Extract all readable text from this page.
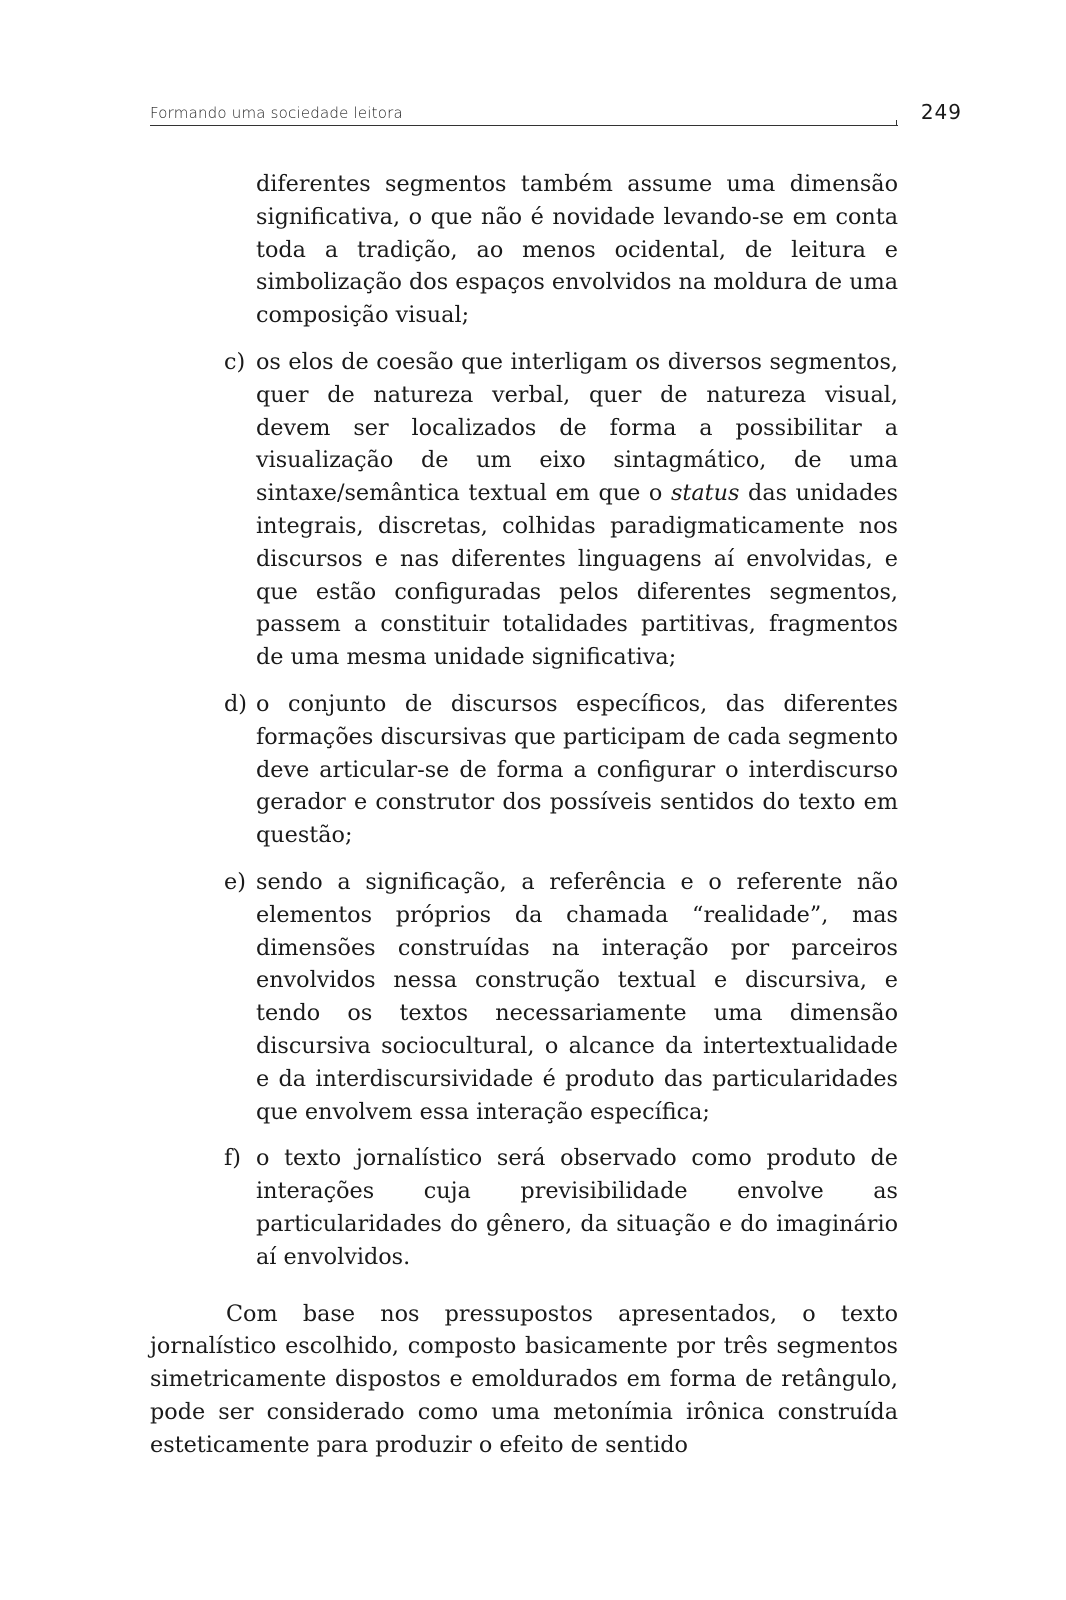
Formando uma sociedade leitora	249

diferentes segmentos também assume uma dimensão significativa, o que não é novidade levando-se em conta toda a tradição, ao menos ocidental, de leitura e simbolização dos espaços envolvidos na moldura de uma composição visual;

c) os elos de coesão que interligam os diversos segmentos, quer de natureza verbal, quer de natureza visual, devem ser localizados de forma a possibilitar a visualização de um eixo sintagmático, de uma sintaxe/semântica textual em que o status das unidades integrais, discretas, colhidas paradigmaticamente nos discursos e nas diferentes linguagens aí envolvidas, e que estão configuradas pelos diferentes segmentos, passem a constituir totalidades partitivas, fragmentos de uma mesma unidade significativa;

d) o conjunto de discursos específicos, das diferentes formações discursivas que participam de cada segmento deve articular-se de forma a configurar o interdiscurso gerador e construtor dos possíveis sentidos do texto em questão;

e) sendo a significação, a referência e o referente não elementos próprios da chamada “realidade”, mas dimensões construídas na interação por parceiros envolvidos nessa construção textual e discursiva, e tendo os textos necessariamente uma dimensão discursiva sociocultural, o alcance da intertextualidade e da interdiscursividade é produto das particularidades que envolvem essa interação específica;

f) o texto jornalístico será observado como produto de interações cuja previsibilidade envolve as particularidades do gênero, da situação e do imaginário aí envolvidos.

Com base nos pressupostos apresentados, o texto jornalístico escolhido, composto basicamente por três segmentos simetricamente dispostos e emoldurados em forma de retângulo, pode ser considerado como uma metonímia irônica construída esteticamente para produzir o efeito de sentido
